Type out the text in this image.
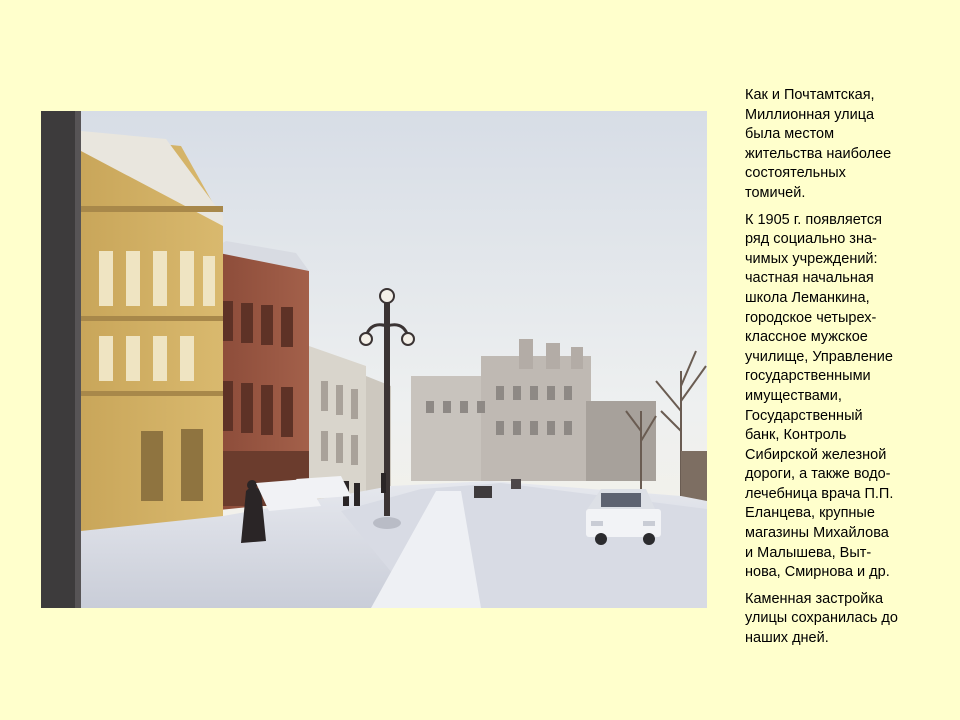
Как и Почтамтская,
Миллионная улица
была местом
жительства наиболее
состоятельных
томичей.

К 1905 г. появляется
ряд социально зна-
чимых учреждений:
частная начальная
школа Леманкина,
городское четырех-
классное мужское
училище, Управление
государственными
имуществами,
Государственный
банк, Контроль
Сибирской железной
дороги, а также водо-
лечебница врача П.П.
Еланцева, крупные
магазины Михайлова
и Малышева, Выт-
нова, Смирнова и др.

Каменная застройка
улицы сохранилась до
наших дней.
